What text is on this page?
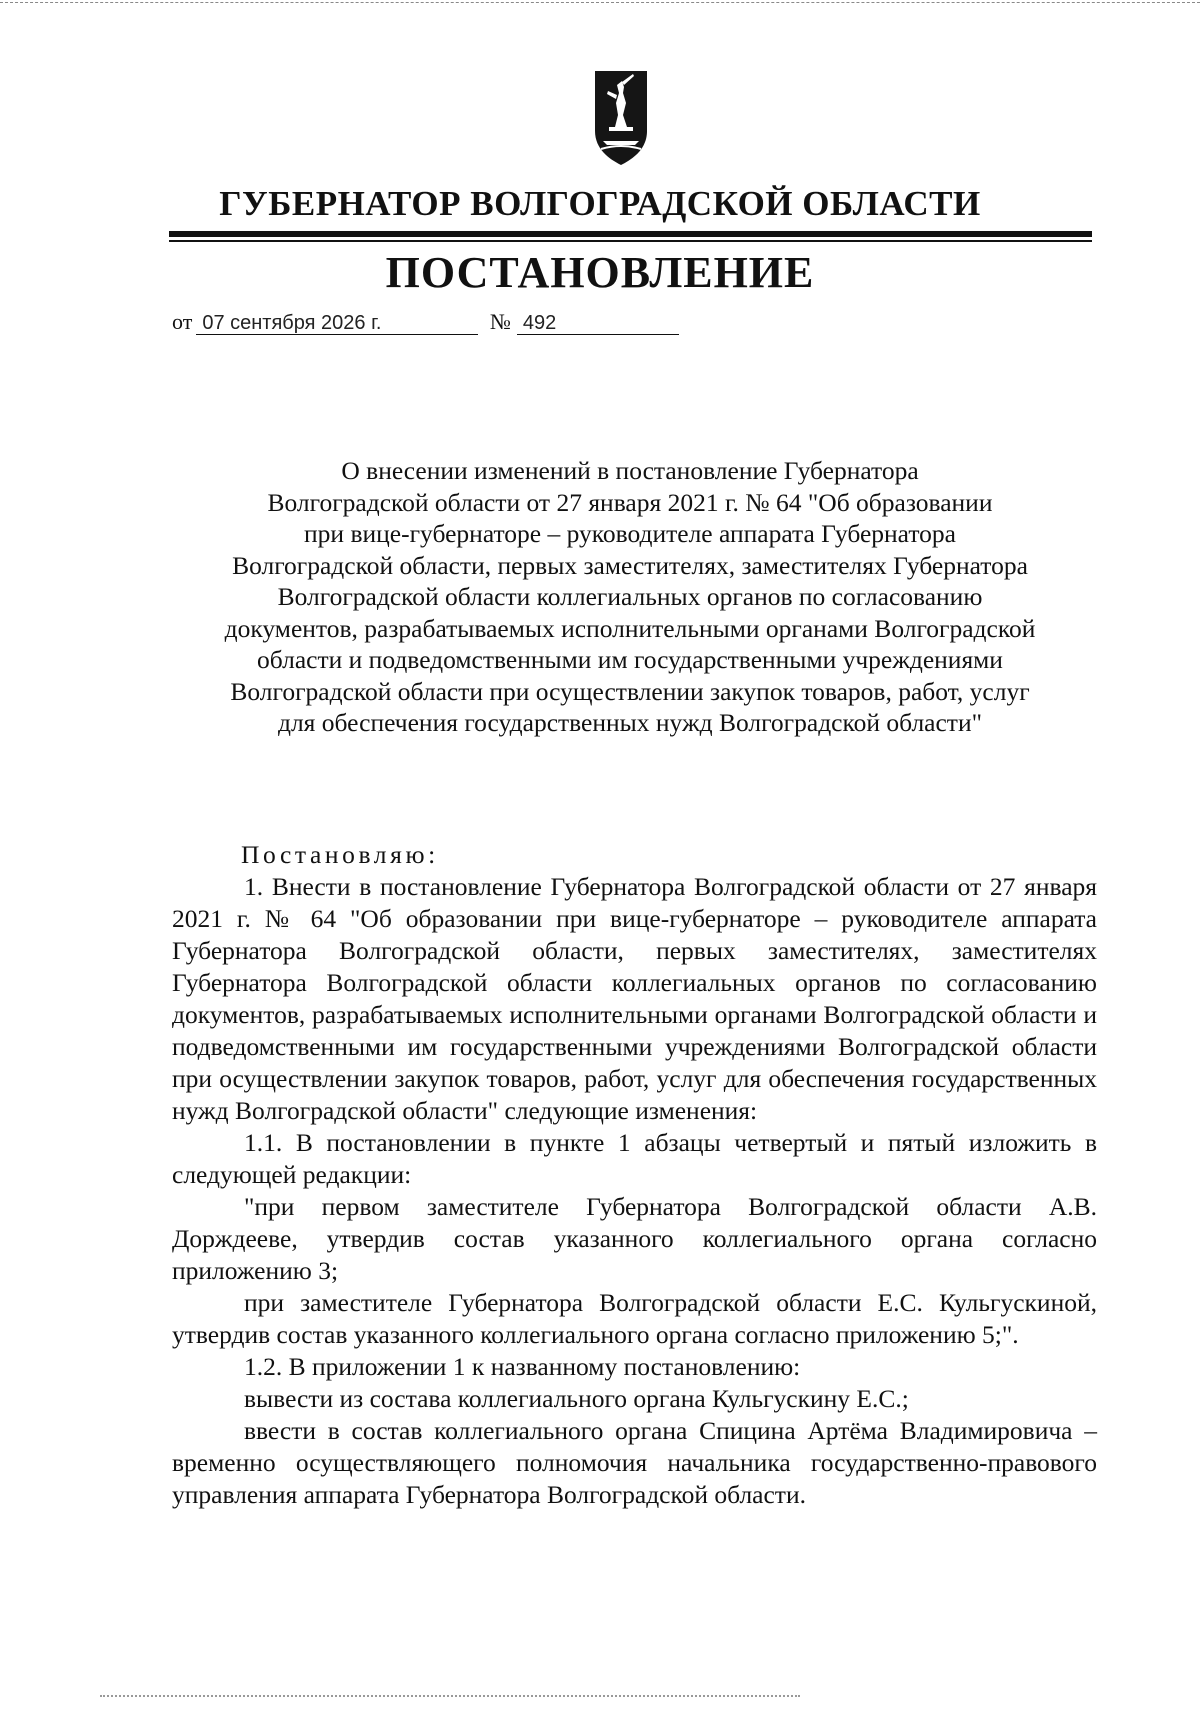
ГУБЕРНАТОР ВОЛГОГРАДСКОЙ ОБЛАСТИ
ПОСТАНОВЛЕНИЕ
от 07 сентября 2026 г.	№ 492
О внесении изменений в постановление Губернатора
Волгоградской области от 27 января 2021 г. № 64 "Об образовании
при вице-губернаторе – руководителе аппарата Губернатора
Волгоградской области, первых заместителях, заместителях Губернатора
Волгоградской области коллегиальных органов по согласованию
документов, разрабатываемых исполнительными органами Волгоградской
области и подведомственными им государственными учреждениями
Волгоградской области при осуществлении закупок товаров, работ, услуг
для обеспечения государственных нужд Волгоградской области"
Постановляю:

1. Внести в постановление Губернатора Волгоградской области от 27 января 2021 г. № 64 "Об образовании при вице-губернаторе – руководителе аппарата Губернатора Волгоградской области, первых заместителях, заместителях Губернатора Волгоградской области коллегиальных органов по согласованию документов, разрабатываемых исполнительными органами Волгоградской области и подведомственными им государственными учреждениями Волгоградской области при осуществлении закупок товаров, работ, услуг для обеспечения государственных нужд Волгоградской области" следующие изменения:

1.1. В постановлении в пункте 1 абзацы четвертый и пятый изложить в следующей редакции:

"при первом заместителе Губернатора Волгоградской области А.В. Дорждееве, утвердив состав указанного коллегиального органа согласно приложению 3;

при заместителе Губернатора Волгоградской области Е.С. Кульгускиной, утвердив состав указанного коллегиального органа согласно приложению 5;".

1.2. В приложении 1 к названному постановлению:

вывести из состава коллегиального органа Кульгускину Е.С.;

ввести в состав коллегиального органа Спицина Артёма Владимировича – временно осуществляющего полномочия начальника государственно-правового управления аппарата Губернатора Волгоградской области.
